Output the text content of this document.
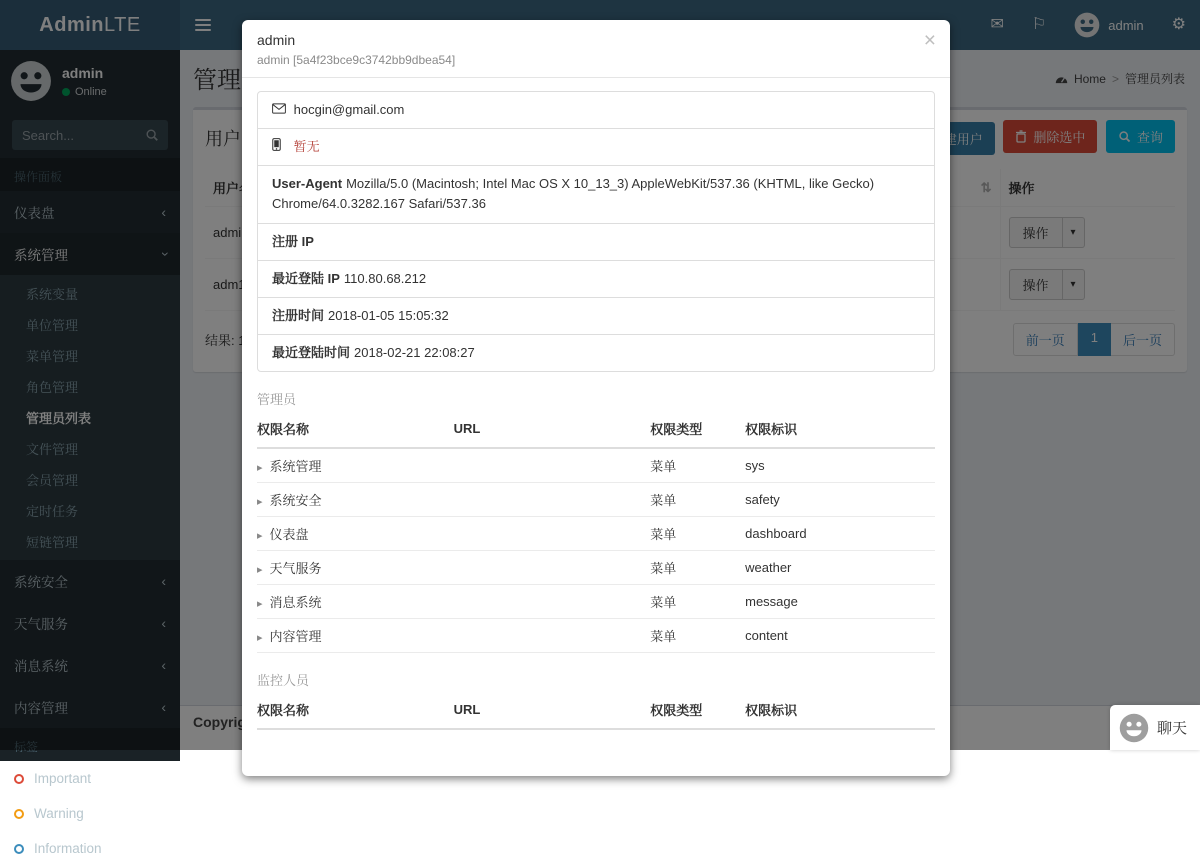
Search...
Important
Warning
Information

admin
admin [5a4f23bce9c3742bb9dbea54]
×
hocgin@gmail.com
暂无
User-Agent Mozilla/5.0 (Macintosh; Intel Mac OS X 10_13_3) AppleWebKit/537.36 (KHTML, like Gecko) Chrome/64.0.3282.167 Safari/537.36
注册 IP
最近登陆 IP 110.80.68.212
注册时间 2018-01-05 15:05:32
最近登陆时间 2018-02-21 22:08:27
管理员
权限名称	URL	权限类型	权限标识
▸ 系统管理		菜单	sys
▸ 系统安全		菜单	safety
▸ 仪表盘		菜单	dashboard
▸ 天气服务		菜单	weather
▸ 消息系统		菜单	message
▸ 内容管理		菜单	content
监控人员
权限名称	URL	权限类型	权限标识
聊天
